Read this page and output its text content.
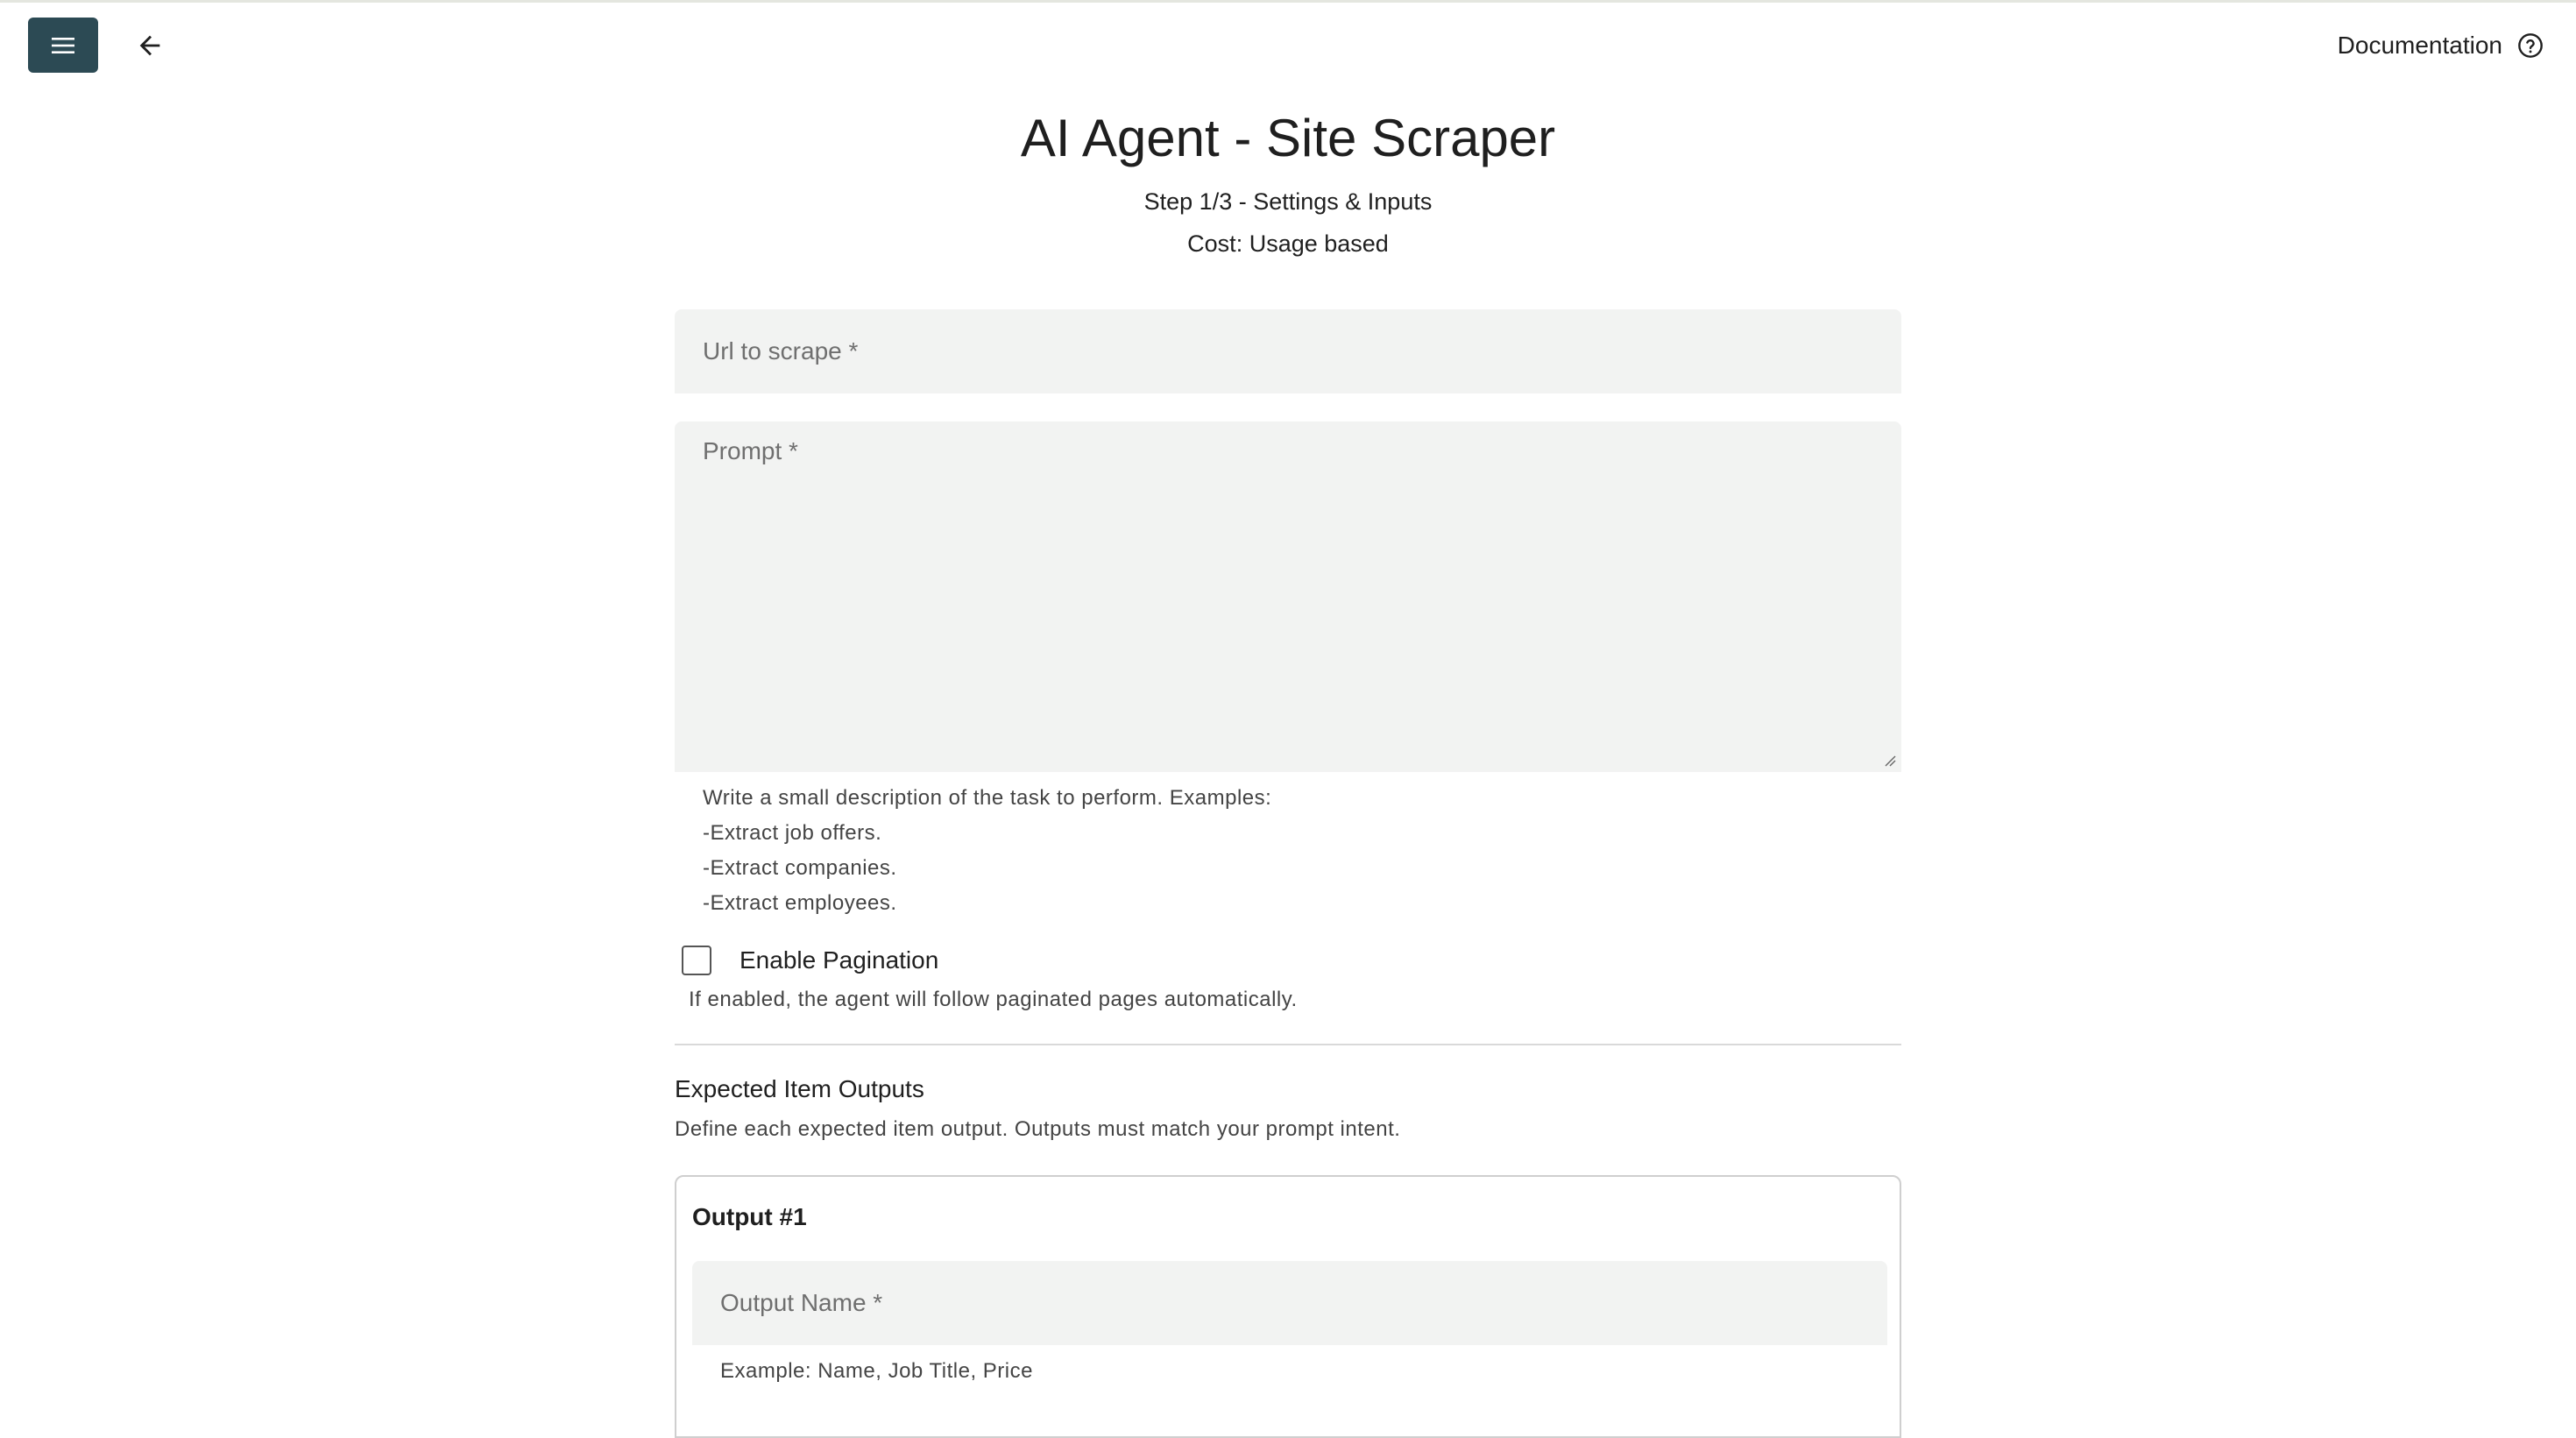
Documentation
AI Agent - Site Scraper
Step 1/3 - Settings & Inputs
Cost: Usage based
Url to scrape *
Prompt *
Write a small description of the task to perform. Examples:
-Extract job offers.
-Extract companies.
-Extract employees.
Enable Pagination
If enabled, the agent will follow paginated pages automatically.
Expected Item Outputs
Define each expected item output. Outputs must match your prompt intent.
Output #1
Output Name *
Example: Name, Job Title, Price
